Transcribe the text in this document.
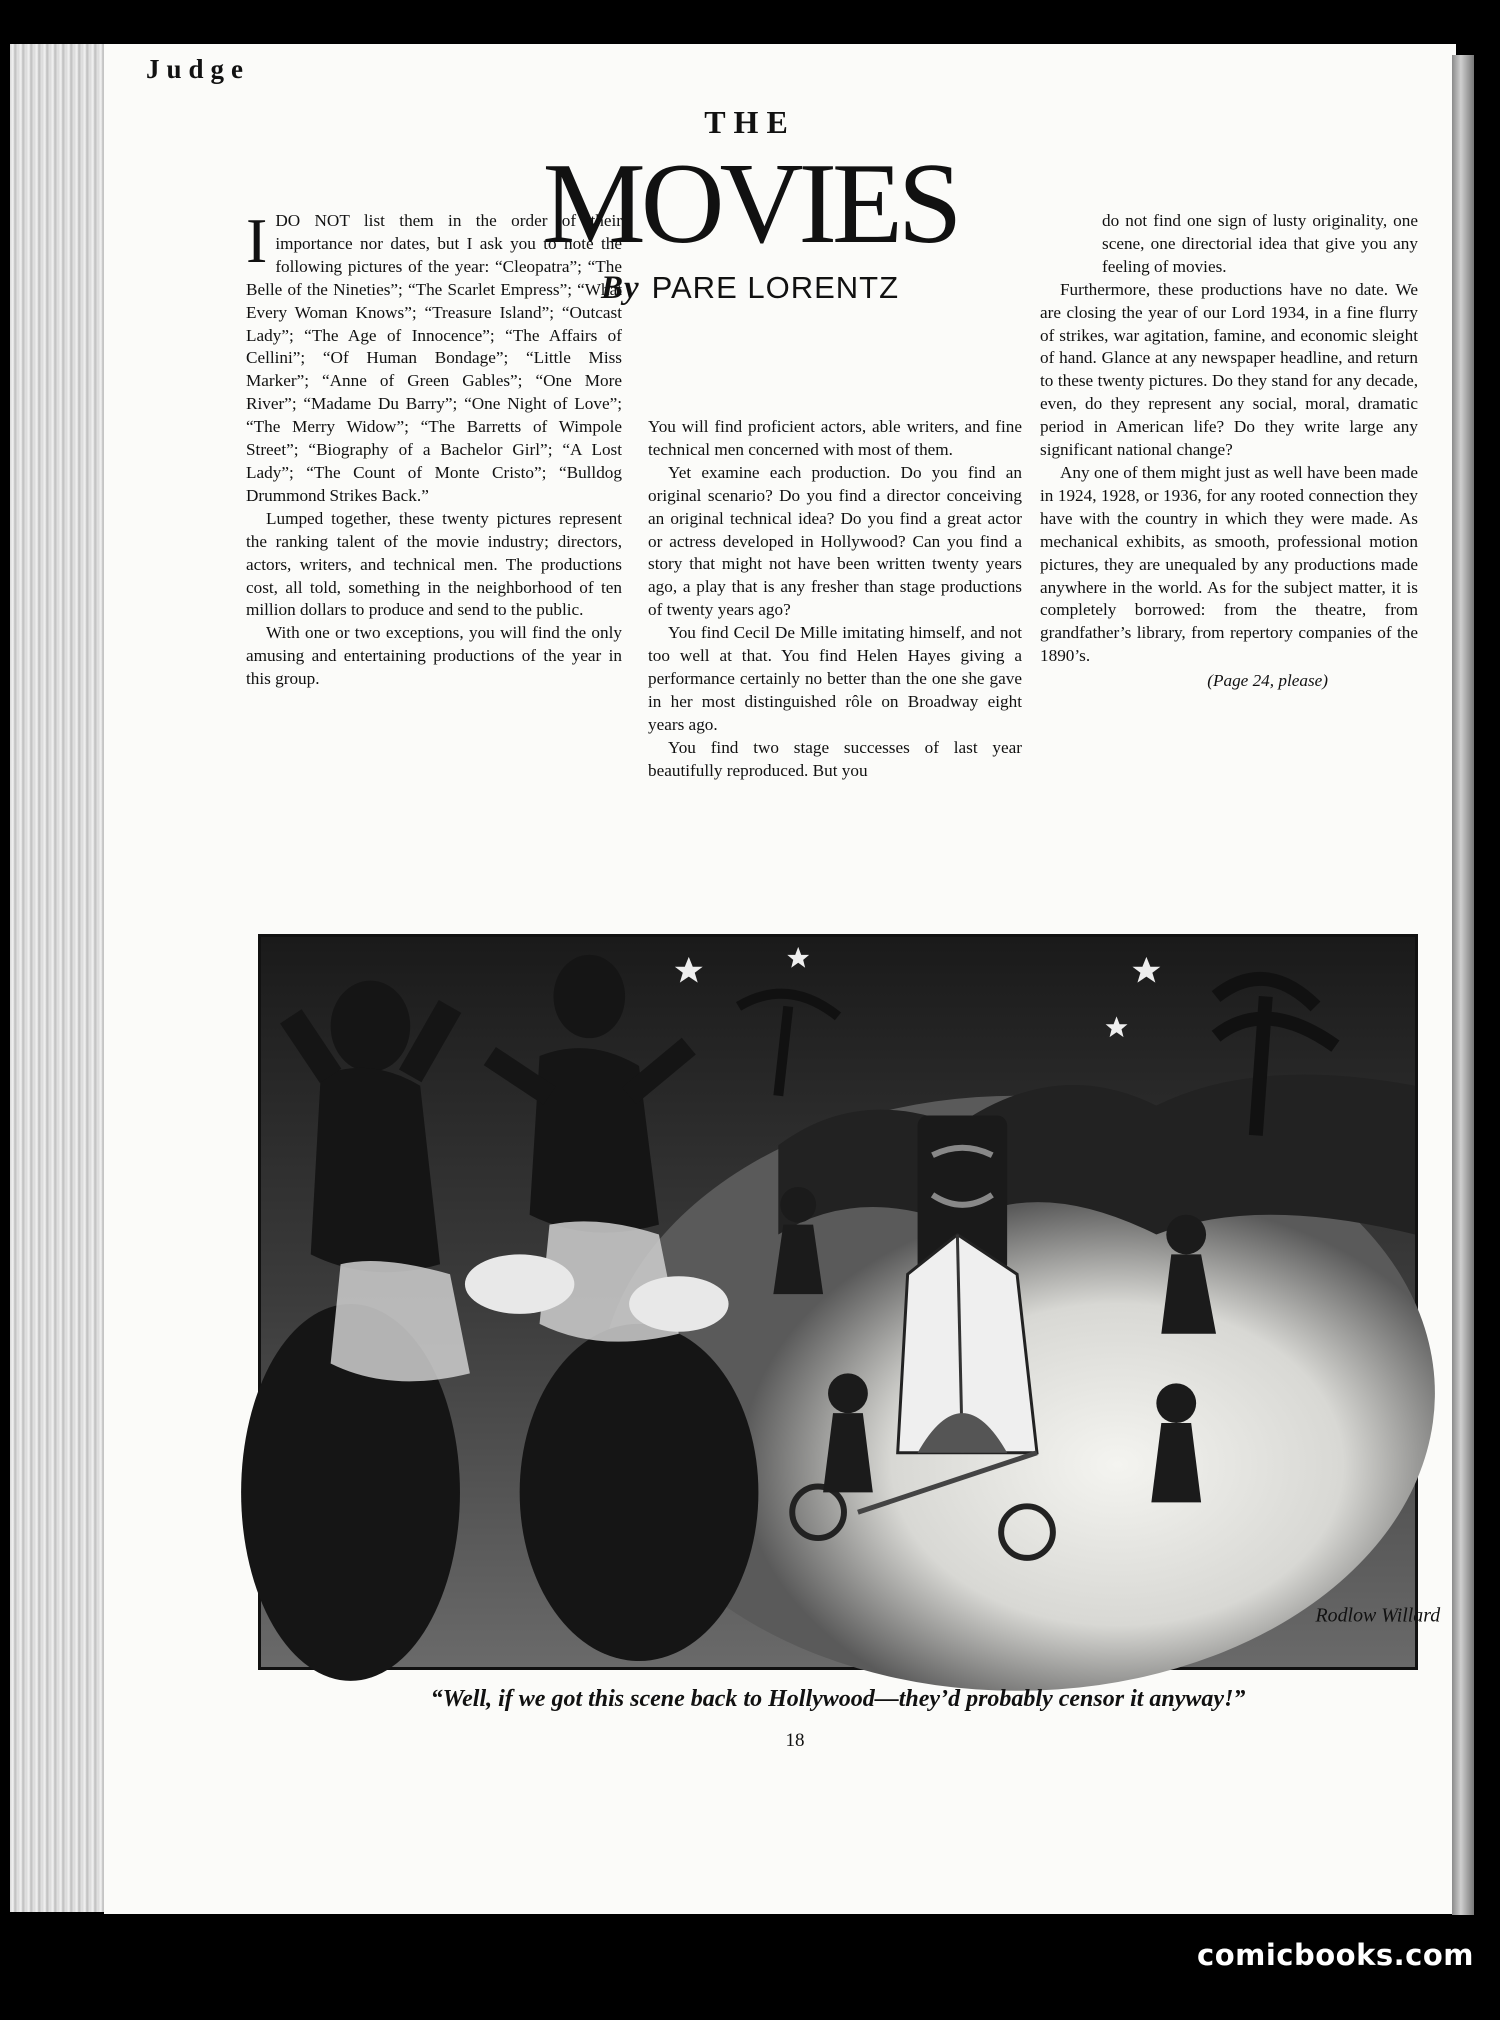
Judge
THE
MOVIES
By PARE LORENTZ

I DO NOT list them in the order of their importance nor dates, but I ask you to note the following pictures of the year: “Cleopatra”; “The Belle of the Nineties”; “The Scarlet Empress”; “What Every Woman Knows”; “Treasure Island”; “Outcast Lady”; “The Age of Innocence”; “The Affairs of Cellini”; “Of Human Bondage”; “Little Miss Marker”; “Anne of Green Gables”; “One More River”; “Madame Du Barry”; “One Night of Love”; “The Merry Widow”; “The Barretts of Wimpole Street”; “Biography of a Bachelor Girl”; “A Lost Lady”; “The Count of Monte Cristo”; “Bulldog Drummond Strikes Back.”

Lumped together, these twenty pictures represent the ranking talent of the movie industry; directors, actors, writers, and technical men. The productions cost, all told, something in the neighborhood of ten million dollars to produce and send to the public.

With one or two exceptions, you will find the only amusing and entertaining productions of the year in this group.

You will find proficient actors, able writers, and fine technical men concerned with most of them.

Yet examine each production. Do you find an original scenario? Do you find a director conceiving an original technical idea? Do you find a great actor or actress developed in Hollywood? Can you find a story that might not have been written twenty years ago, a play that is any fresher than stage productions of twenty years ago?

You find Cecil De Mille imitating himself, and not too well at that. You find Helen Hayes giving a performance certainly no better than the one she gave in her most distinguished rôle on Broadway eight years ago.

You find two stage successes of last year beautifully reproduced. But you

do not find one sign of lusty originality, one scene, one directorial idea that give you any feeling of movies.

Furthermore, these productions have no date. We are closing the year of our Lord 1934, in a fine flurry of strikes, war agitation, famine, and economic sleight of hand. Glance at any newspaper headline, and return to these twenty pictures. Do they stand for any decade, even, do they represent any social, moral, dramatic period in American life? Do they write large any significant national change?

Any one of them might just as well have been made in 1924, 1928, or 1936, for any rooted connection they have with the country in which they were made. As mechanical exhibits, as smooth, professional motion pictures, they are unequaled by any productions made anywhere in the world. As for the subject matter, it is completely borrowed: from the theatre, from grandfather’s library, from repertory companies of the 1890’s.

(Page 24, please)
Rodlow Willard
“Well, if we got this scene back to Hollywood—they’d probably censor it anyway!”
18
comicbooks.com
